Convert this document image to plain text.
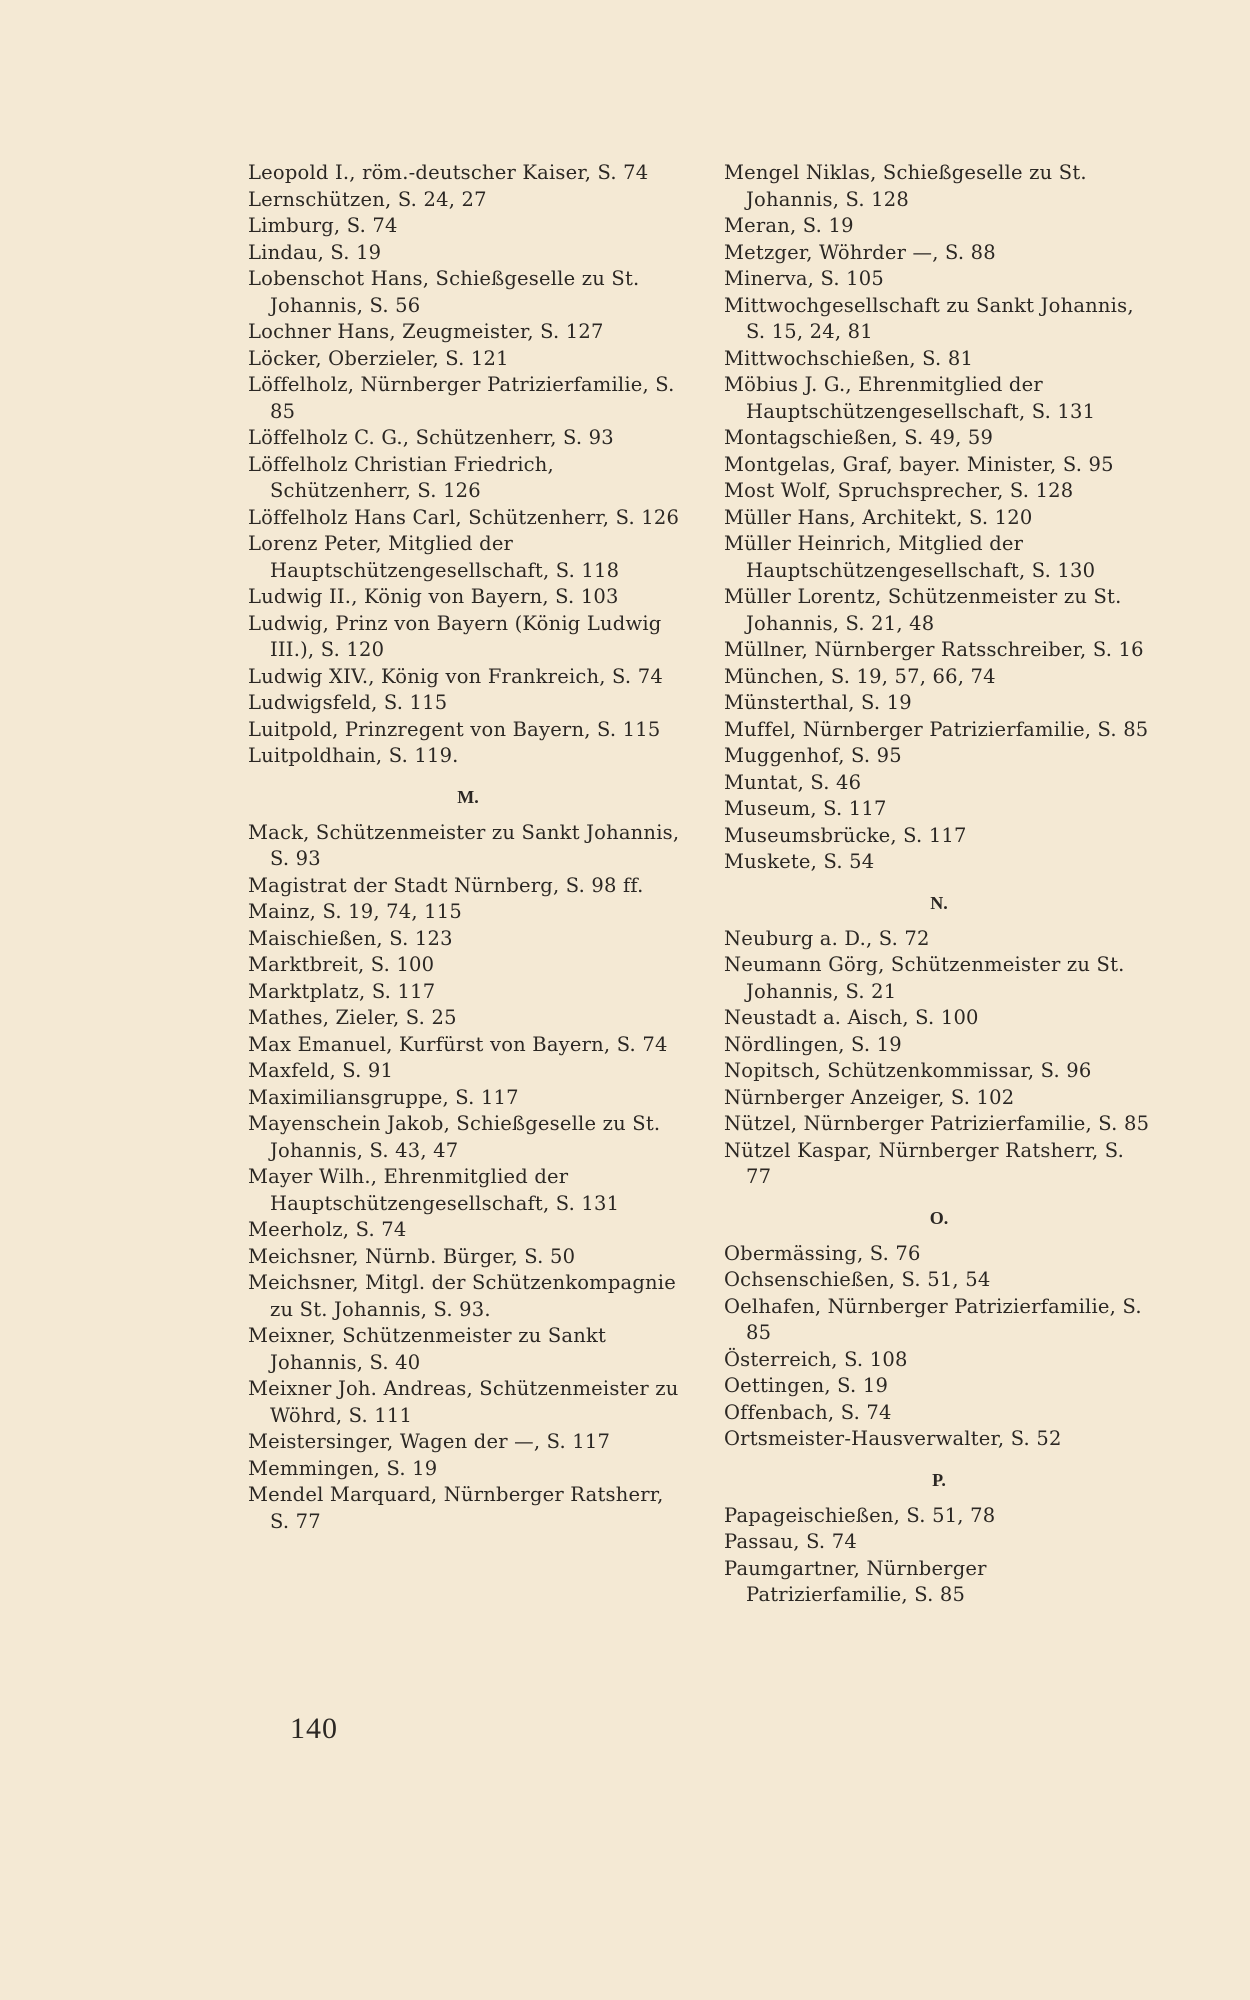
Leopold I., röm.-deutscher Kaiser, S. 74
Lernschützen, S. 24, 27
Limburg, S. 74
Lindau, S. 19
Lobenschot Hans, Schießgeselle zu St. Johannis, S. 56
Lochner Hans, Zeugmeister, S. 127
Löcker, Oberzieler, S. 121
Löffelholz, Nürnberger Patrizierfamilie, S. 85
Löffelholz C. G., Schützenherr, S. 93
Löffelholz Christian Friedrich, Schützenherr, S. 126
Löffelholz Hans Carl, Schützenherr, S. 126
Lorenz Peter, Mitglied der Hauptschützengesellschaft, S. 118
Ludwig II., König von Bayern, S. 103
Ludwig, Prinz von Bayern (König Ludwig III.), S. 120
Ludwig XIV., König von Frankreich, S. 74
Ludwigsfeld, S. 115
Luitpold, Prinzregent von Bayern, S. 115
Luitpoldhain, S. 119.
M.
Mack, Schützenmeister zu Sankt Johannis, S. 93
Magistrat der Stadt Nürnberg, S. 98 ff.
Mainz, S. 19, 74, 115
Maischießen, S. 123
Marktbreit, S. 100
Marktplatz, S. 117
Mathes, Zieler, S. 25
Max Emanuel, Kurfürst von Bayern, S. 74
Maxfeld, S. 91
Maximiliansgruppe, S. 117
Mayenschein Jakob, Schießgeselle zu St. Johannis, S. 43, 47
Mayer Wilh., Ehrenmitglied der Hauptschützengesellschaft, S. 131
Meerholz, S. 74
Meichsner, Nürnb. Bürger, S. 50
Meichsner, Mitgl. der Schützenkompagnie zu St. Johannis, S. 93.
Meixner, Schützenmeister zu Sankt Johannis, S. 40
Meixner Joh. Andreas, Schützenmeister zu Wöhrd, S. 111
Meistersinger, Wagen der —, S. 117
Memmingen, S. 19
Mendel Marquard, Nürnberger Ratsherr, S. 77
Mengel Niklas, Schießgeselle zu St. Johannis, S. 128
Meran, S. 19
Metzger, Wöhrder —, S. 88
Minerva, S. 105
Mittwochgesellschaft zu Sankt Johannis, S. 15, 24, 81
Mittwochschießen, S. 81
Möbius J. G., Ehrenmitglied der Hauptschützengesellschaft, S. 131
Montagschießen, S. 49, 59
Montgelas, Graf, bayer. Minister, S. 95
Most Wolf, Spruchsprecher, S. 128
Müller Hans, Architekt, S. 120
Müller Heinrich, Mitglied der Hauptschützengesellschaft, S. 130
Müller Lorentz, Schützenmeister zu St. Johannis, S. 21, 48
Müllner, Nürnberger Ratsschreiber, S. 16
München, S. 19, 57, 66, 74
Münsterthal, S. 19
Muffel, Nürnberger Patrizierfamilie, S. 85
Muggenhof, S. 95
Muntat, S. 46
Museum, S. 117
Museumsbrücke, S. 117
Muskete, S. 54
N.
Neuburg a. D., S. 72
Neumann Görg, Schützenmeister zu St. Johannis, S. 21
Neustadt a. Aisch, S. 100
Nördlingen, S. 19
Nopitsch, Schützenkommissar, S. 96
Nürnberger Anzeiger, S. 102
Nützel, Nürnberger Patrizierfamilie, S. 85
Nützel Kaspar, Nürnberger Ratsherr, S. 77
O.
Obermässing, S. 76
Ochsenschießen, S. 51, 54
Oelhafen, Nürnberger Patrizierfamilie, S. 85
Österreich, S. 108
Oettingen, S. 19
Offenbach, S. 74
Ortsmeister-Hausverwalter, S. 52
P.
Papageischießen, S. 51, 78
Passau, S. 74
Paumgartner, Nürnberger Patrizierfamilie, S. 85
140
